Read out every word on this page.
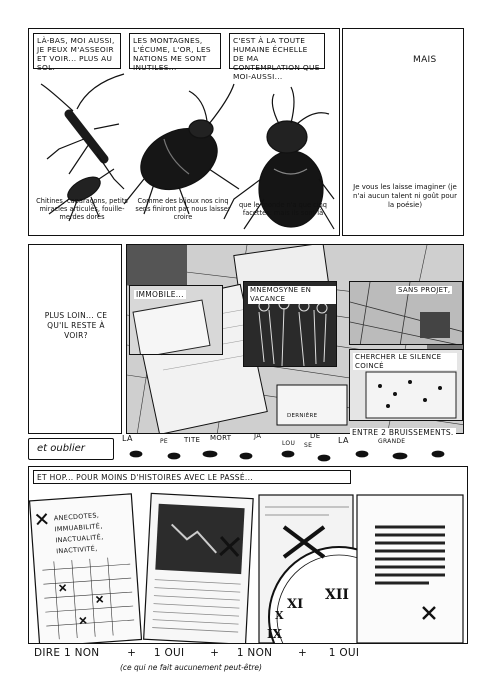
LÀ-BAS, MOI AUSSI, JE PEUX M'ASSEOIR ET VOIR... PLUS AU SOL.
LES MONTAGNES, L'ÉCUME, L'OR, LES NATIONS ME SONT INUTILES...
C'EST À LA TOUTE HUMAINE ÉCHELLE DE MA CONTEMPLATION QUE MOI-AUSSI...
Chitines, caparaçons, petits miracles articulés, fouille-merdes dorés
Comme des bijoux nos cinq sens finiront par nous laisser croire
que le monde n'a que cinq facettes: mais ils sont là
MAIS
Je vous les laisse imaginer (je n'ai aucun talent ni goût pour la poésie)
PLUS LOIN... CE QU'IL RESTE À VOIR?
DERNIÈRE
IMMOBILE...	MNÉMOSYNE EN VACANCE
SANS PROJET,
CHERCHER LE SILENCE COINCÉ
ENTRE 2 BRUISSEMENTS.
et oublier
LA	PE TITE MORT	JA
LOU SE
DE LA	GRANDE
ET HOP... POUR MOINS D'HISTOIRES AVEC LE PASSÉ...
ANECDOTES,
IMMUABILITÉ,
INACTUALITÉ,
INACTIVITÉ,
XII
XI
IX
X
DIRE 1 NON	+ 1 OUI + 1 NON + 1 OUI
(ce qui ne fait aucunement peut-être)
